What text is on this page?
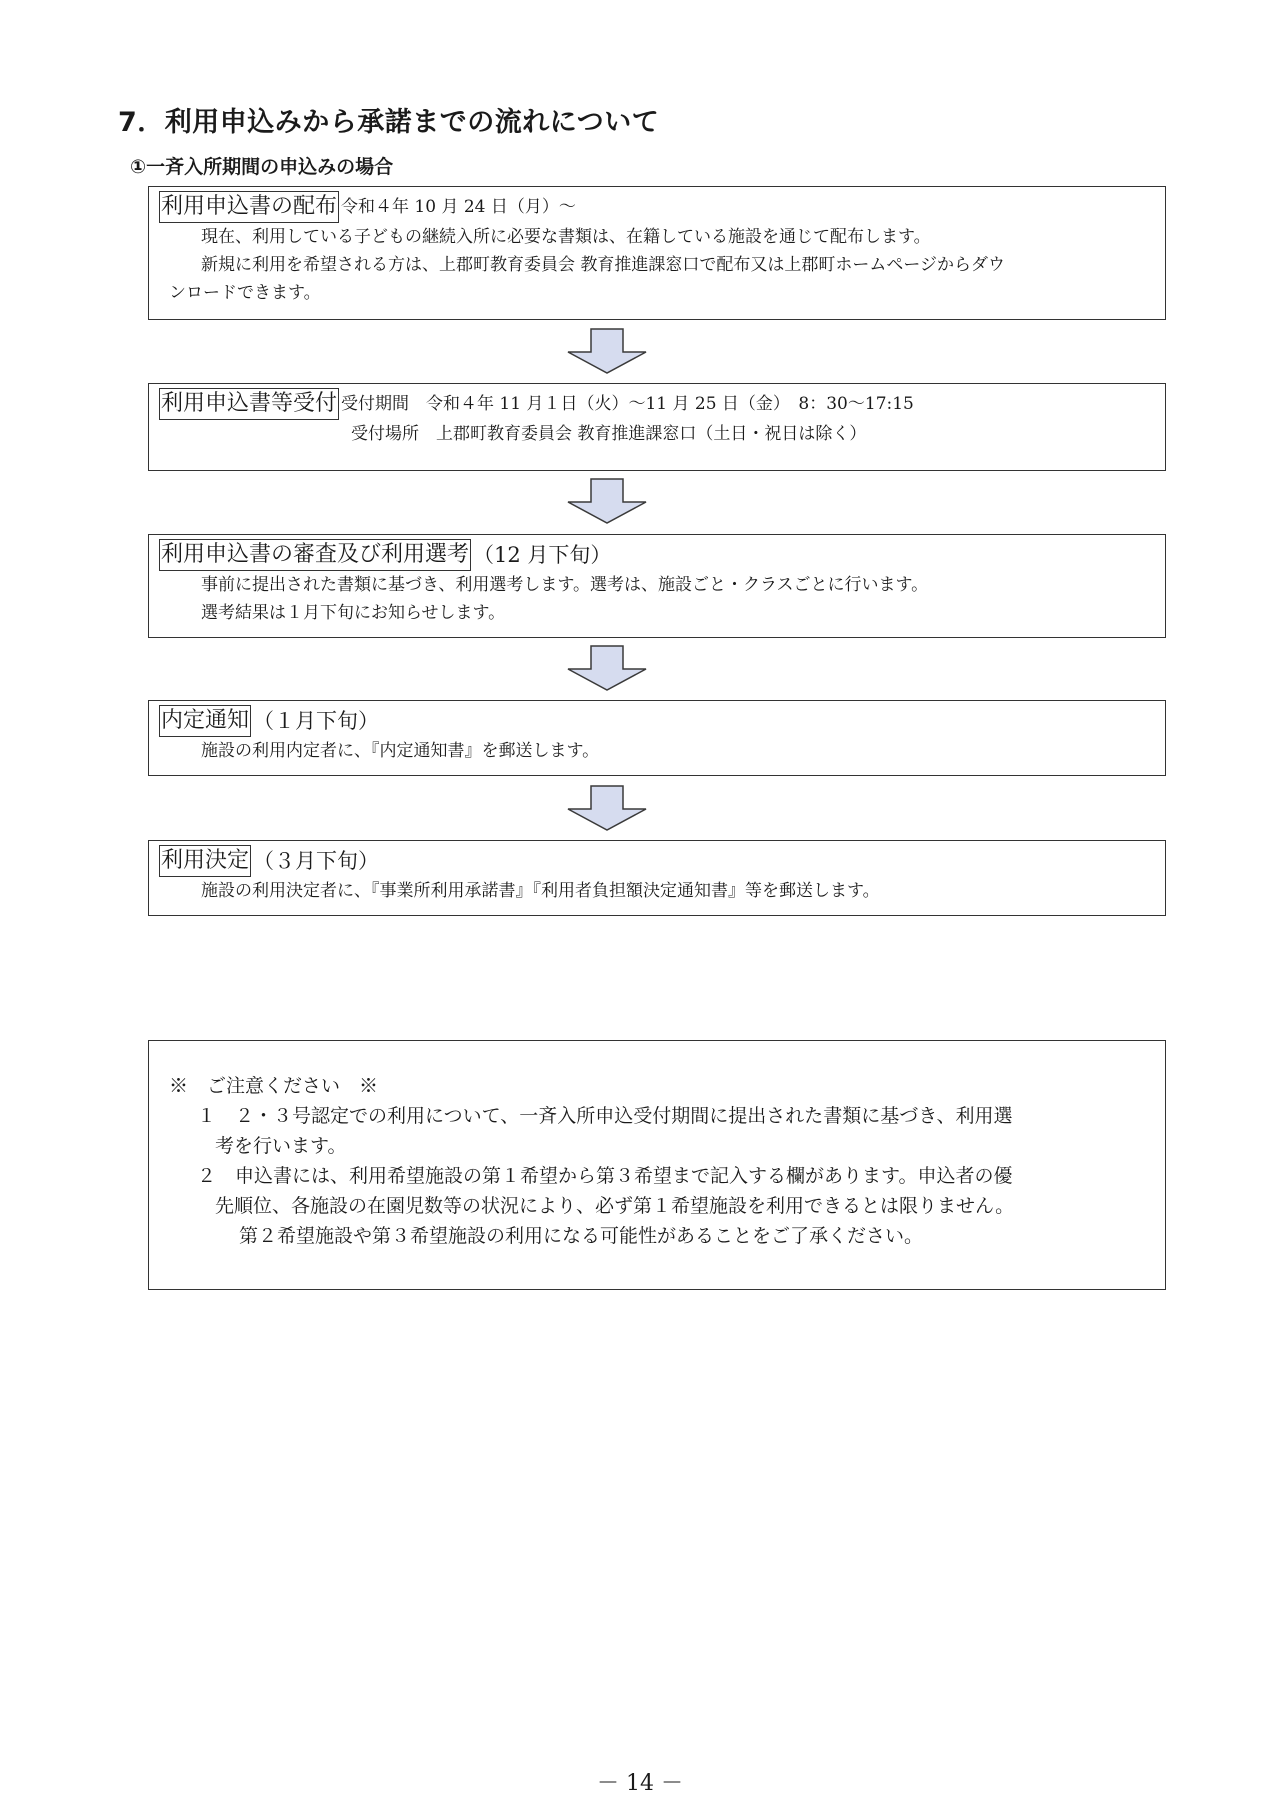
7．利用申込みから承諾までの流れについて
①一斉入所期間の申込みの場合
利用申込書の配布 令和４年 10 月 24 日（月）～
現在、利用している子どもの継続入所に必要な書類は、在籍している施設を通じて配布します。
新規に利用を希望される方は、上郡町教育委員会 教育推進課窓口で配布又は上郡町ホームページからダウ
ンロードできます。
利用申込書等受付 受付期間　令和４年 11 月１日（火）～11 月 25 日（金）　8：30～17:15
受付場所　上郡町教育委員会 教育推進課窓口（土日・祝日は除く）
利用申込書の審査及び利用選考 （12 月下旬）
事前に提出された書類に基づき、利用選考します。選考は、施設ごと・クラスごとに行います。
選考結果は１月下旬にお知らせします。
内定通知 （１月下旬）
施設の利用内定者に、『内定通知書』を郵送します。
利用決定 （３月下旬）
施設の利用決定者に、『事業所利用承諾書』『利用者負担額決定通知書』等を郵送します。
※　ご注意ください　※
１　２・３号認定での利用について、一斉入所申込受付期間に提出された書類に基づき、利用選
考を行います。
２　申込書には、利用希望施設の第１希望から第３希望まで記入する欄があります。申込者の優
先順位、各施設の在園児数等の状況により、必ず第１希望施設を利用できるとは限りません。
第２希望施設や第３希望施設の利用になる可能性があることをご了承ください。
－ 14 －
